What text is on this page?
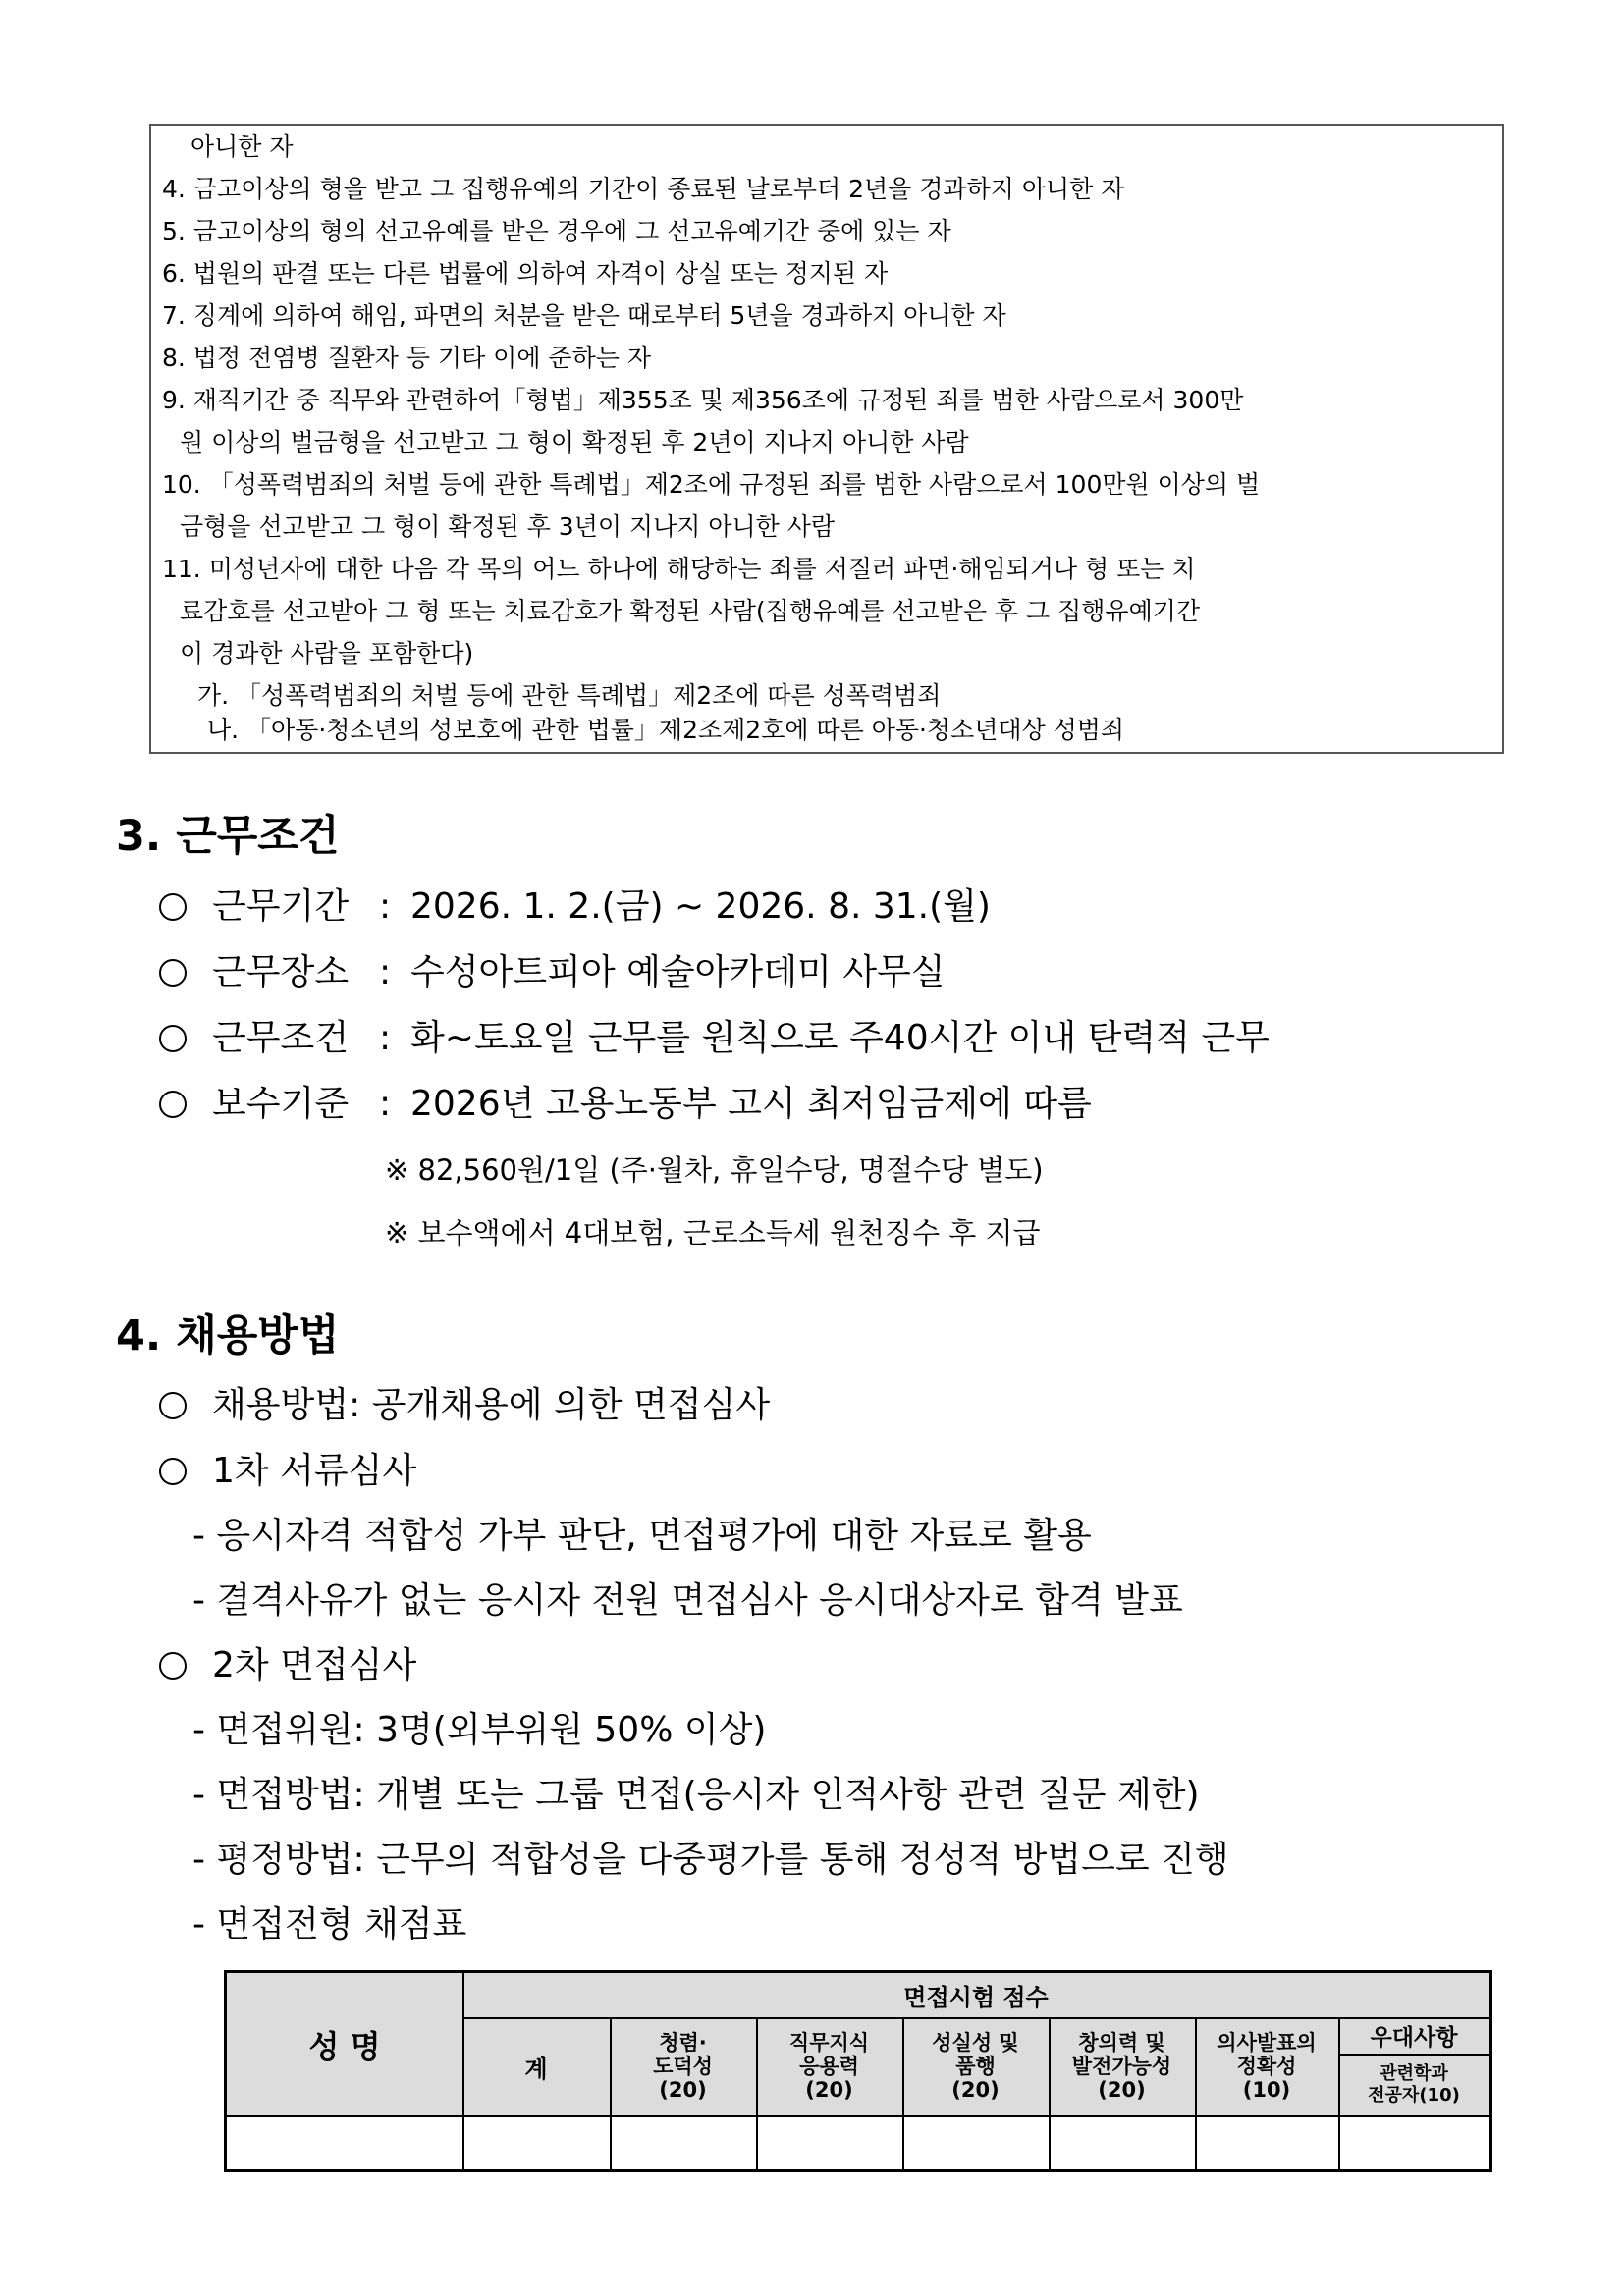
아니한 자
4. 금고이상의 형을 받고 그 집행유예의 기간이 종료된 날로부터 2년을 경과하지 아니한 자
5. 금고이상의 형의 선고유예를 받은 경우에 그 선고유예기간 중에 있는 자
6. 법원의 판결 또는 다른 법률에 의하여 자격이 상실 또는 정지된 자
7. 징계에 의하여 해임, 파면의 처분을 받은 때로부터 5년을 경과하지 아니한 자
8. 법정 전염병 질환자 등 기타 이에 준하는 자
9. 재직기간 중 직무와 관련하여「형법」제355조 및 제356조에 규정된 죄를 범한 사람으로서 300만
원 이상의 벌금형을 선고받고 그 형이 확정된 후 2년이 지나지 아니한 사람
10. 「성폭력범죄의 처벌 등에 관한 특례법」제2조에 규정된 죄를 범한 사람으로서 100만원 이상의 벌
금형을 선고받고 그 형이 확정된 후 3년이 지나지 아니한 사람
11. 미성년자에 대한 다음 각 목의 어느 하나에 해당하는 죄를 저질러 파면·해임되거나 형 또는 치
료감호를 선고받아 그 형 또는 치료감호가 확정된 사람(집행유예를 선고받은 후 그 집행유예기간
이 경과한 사람을 포함한다)
가. 「성폭력범죄의 처벌 등에 관한 특례법」제2조에 따른 성폭력범죄
나. 「아동·청소년의 성보호에 관한 법률」제2조제2호에 따른 아동·청소년대상 성범죄
3. 근무조건
근무기간 : 2026. 1. 2.(금) ~ 2026. 8. 31.(월)
근무장소 : 수성아트피아 예술아카데미 사무실
근무조건 : 화~토요일 근무를 원칙으로 주40시간 이내 탄력적 근무
보수기준 : 2026년 고용노동부 고시 최저임금제에 따름
※ 82,560원/1일 (주·월차, 휴일수당, 명절수당 별도)
※ 보수액에서 4대보험, 근로소득세 원천징수 후 지급
4. 채용방법
채용방법: 공개채용에 의한 면접심사
1차 서류심사
- 응시자격 적합성 가부 판단, 면접평가에 대한 자료로 활용
- 결격사유가 없는 응시자 전원 면접심사 응시대상자로 합격 발표
2차 면접심사
- 면접위원: 3명(외부위원 50% 이상)
- 면접방법: 개별 또는 그룹 면접(응시자 인적사항 관련 질문 제한)
- 평정방법: 근무의 적합성을 다중평가를 통해 정성적 방법으로 진행
- 면접전형 채점표
성 명
면접시험 점수
계
청렴·
도덕성
(20)
직무지식
응용력
(20)
성실성 및
품행
(20)
창의력 및
발전가능성
(20)
의사발표의
정확성
(10)
우대사항
관련학과
전공자(10)
